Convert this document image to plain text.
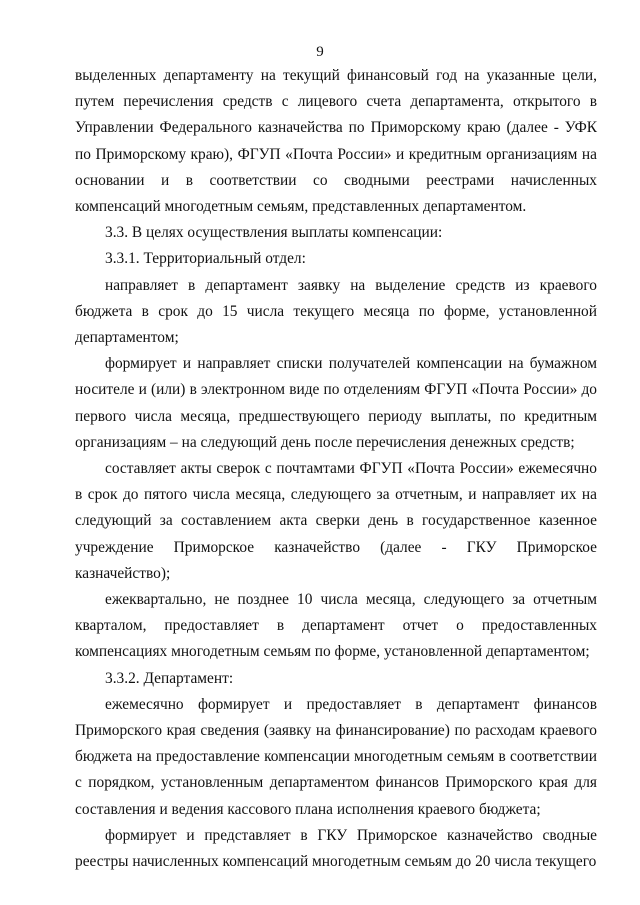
9

выделенных департаменту на текущий финансовый год на указанные цели, путем перечисления средств с лицевого счета департамента, открытого в Управлении Федерального казначейства по Приморскому краю (далее - УФК по Приморскому краю), ФГУП «Почта России» и кредитным организациям на основании и в соответствии со сводными реестрами начисленных компенсаций многодетным семьям, представленных департаментом.

3.3. В целях осуществления выплаты компенсации:

3.3.1. Территориальный отдел:

направляет в департамент заявку на выделение средств из краевого бюджета в срок до 15 числа текущего месяца по форме, установленной департаментом;

формирует и направляет списки получателей компенсации на бумажном носителе и (или) в электронном виде по отделениям ФГУП «Почта России» до первого числа месяца, предшествующего периоду выплаты, по кредитным организациям – на следующий день после перечисления денежных средств;

составляет акты сверок с почтамтами ФГУП «Почта России» ежемесячно в срок до пятого числа месяца, следующего за отчетным, и направляет их на следующий за составлением акта сверки день в государственное казенное учреждение Приморское казначейство (далее - ГКУ Приморское казначейство);

ежеквартально, не позднее 10 числа месяца, следующего за отчетным кварталом, предоставляет в департамент отчет о предоставленных компенсациях многодетным семьям по форме, установленной департаментом;

3.3.2. Департамент:

ежемесячно формирует и предоставляет в департамент финансов Приморского края сведения (заявку на финансирование) по расходам краевого бюджета на предоставление компенсации многодетным семьям в соответствии с порядком, установленным департаментом финансов Приморского края для составления и ведения кассового плана исполнения краевого бюджета;

формирует и представляет в ГКУ Приморское казначейство сводные реестры начисленных компенсаций многодетным семьям до 20 числа текущего
